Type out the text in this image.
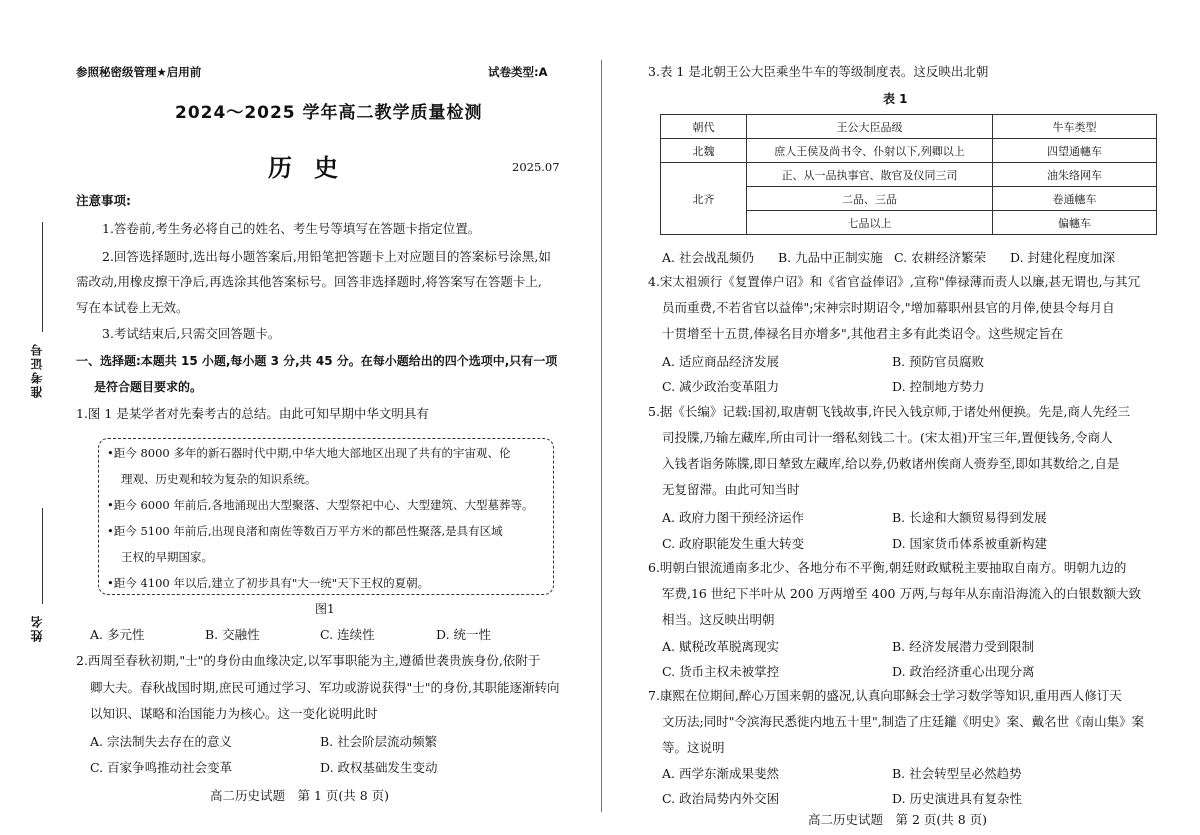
准考证号
姓名
参照秘密级管理★启用前	试卷类型:A
2024～2025 学年高二教学质量检测
历史	2025.07
注意事项:
1.答卷前,考生务必将自己的姓名、考生号等填写在答题卡指定位置。
2.回答选择题时,选出每小题答案后,用铅笔把答题卡上对应题目的答案标号涂黑,如
需改动,用橡皮擦干净后,再选涂其他答案标号。回答非选择题时,将答案写在答题卡上,
写在本试卷上无效。
3.考试结束后,只需交回答题卡。
一、选择题:本题共 15 小题,每小题 3 分,共 45 分。在每小题给出的四个选项中,只有一项
是符合题目要求的。
1.图 1 是某学者对先秦考古的总结。由此可知早期中华文明具有
•距今 8000 多年的新石器时代中期,中华大地大部地区出现了共有的宇宙观、伦
理观、历史观和较为复杂的知识系统。
•距今 6000 年前后,各地涌现出大型聚落、大型祭祀中心、大型建筑、大型墓葬等。
•距今 5100 年前后,出现良渚和南佐等数百万平方米的都邑性聚落,是具有区域
王权的早期国家。
•距今 4100 年以后,建立了初步具有"大一统"天下王权的夏朝。
图1
A. 多元性	B. 交融性	C. 连续性	D. 统一性
2.西周至春秋初期,"士"的身份由血缘决定,以军事职能为主,遵循世袭贵族身份,依附于
卿大夫。春秋战国时期,庶民可通过学习、军功或游说获得"士"的身份,其职能逐渐转向
以知识、谋略和治国能力为核心。这一变化说明此时
A. 宗法制失去存在的意义	B. 社会阶层流动频繁
C. 百家争鸣推动社会变革	D. 政权基础发生变动
高二历史试题　第 1 页(共 8 页)
3.表 1 是北朝王公大臣乘坐牛车的等级制度表。这反映出北朝
表 1
朝代	王公大臣品级	牛车类型
北魏	庶人王侯及尚书令、仆射以下,列卿以上	四望通幰车
北齐	正、从一品执事官、散官及仪同三司	油朱络网车
	二品、三品	卷通幰车
	七品以上	偏幰车
A. 社会战乱频仍 B. 九品中正制实施 C. 农耕经济繁荣 D. 封建化程度加深
4.宋太祖颁行《复置俸户诏》和《省官益俸诏》,宣称"俸禄薄而责人以廉,甚无谓也,与其冗
员而重费,不若省官以益俸";宋神宗时期诏令,"增加幕职州县官的月俸,使县令每月自
十贯增至十五贯,俸禄名目亦增多",其他君主多有此类诏令。这些规定旨在
A. 适应商品经济发展	B. 预防官员腐败
C. 减少政治变革阻力	D. 控制地方势力
5.据《长编》记载:国初,取唐朝飞钱故事,许民入钱京师,于诸处州便换。先是,商人先经三
司投牒,乃输左藏库,所由司计一缗私刻钱二十。(宋太祖)开宝三年,置便钱务,令商人
入钱者诣务陈牒,即日辇致左藏库,给以券,仍敕诸州俟商人赍券至,即如其数给之,自是
无复留滞。由此可知当时
A. 政府力图干预经济运作	B. 长途和大额贸易得到发展
C. 政府职能发生重大转变	D. 国家货币体系被重新构建
6.明朝白银流通南多北少、各地分布不平衡,朝廷财政赋税主要抽取自南方。明朝九边的
军费,16 世纪下半叶从 200 万两增至 400 万两,与每年从东南沿海流入的白银数额大致
相当。这反映出明朝
A. 赋税改革脱离现实	B. 经济发展潜力受到限制
C. 货币主权未被掌控	D. 政治经济重心出现分离
7.康熙在位期间,醉心万国来朝的盛况,认真向耶稣会士学习数学等知识,重用西人修订天
文历法;同时"令滨海民悉徙内地五十里",制造了庄廷鑨《明史》案、戴名世《南山集》案
等。这说明
A. 西学东渐成果斐然	B. 社会转型呈必然趋势
C. 政治局势内外交困	D. 历史演进具有复杂性
高二历史试题　第 2 页(共 8 页)
